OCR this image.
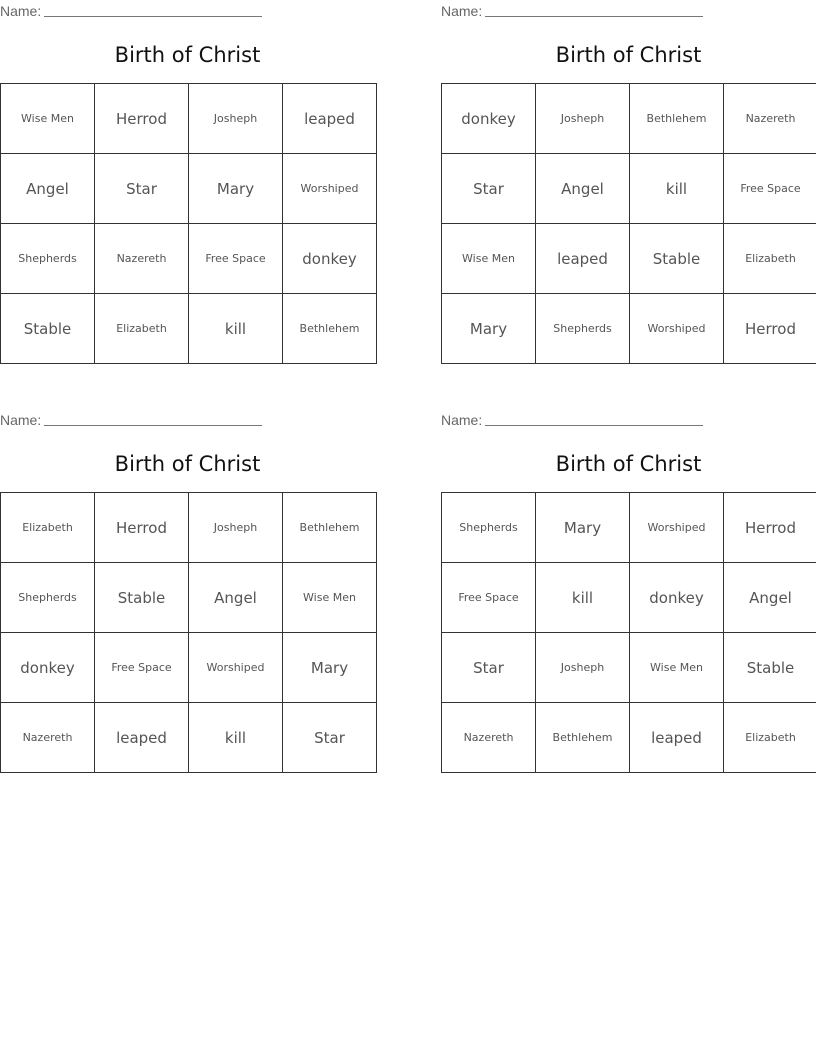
Name:
Birth of Christ
Wise Men	Herrod	Josheph	leaped
Angel	Star	Mary	Worshiped
Shepherds	Nazereth	Free Space	donkey
Stable	Elizabeth	kill	Bethlehem
Name:
Birth of Christ
donkey	Josheph	Bethlehem	Nazereth
Star	Angel	kill	Free Space
Wise Men	leaped	Stable	Elizabeth
Mary	Shepherds	Worshiped	Herrod
Name:
Birth of Christ
Elizabeth	Herrod	Josheph	Bethlehem
Shepherds	Stable	Angel	Wise Men
donkey	Free Space	Worshiped	Mary
Nazereth	leaped	kill	Star
Name:
Birth of Christ
Shepherds	Mary	Worshiped	Herrod
Free Space	kill	donkey	Angel
Star	Josheph	Wise Men	Stable
Nazereth	Bethlehem	leaped	Elizabeth
